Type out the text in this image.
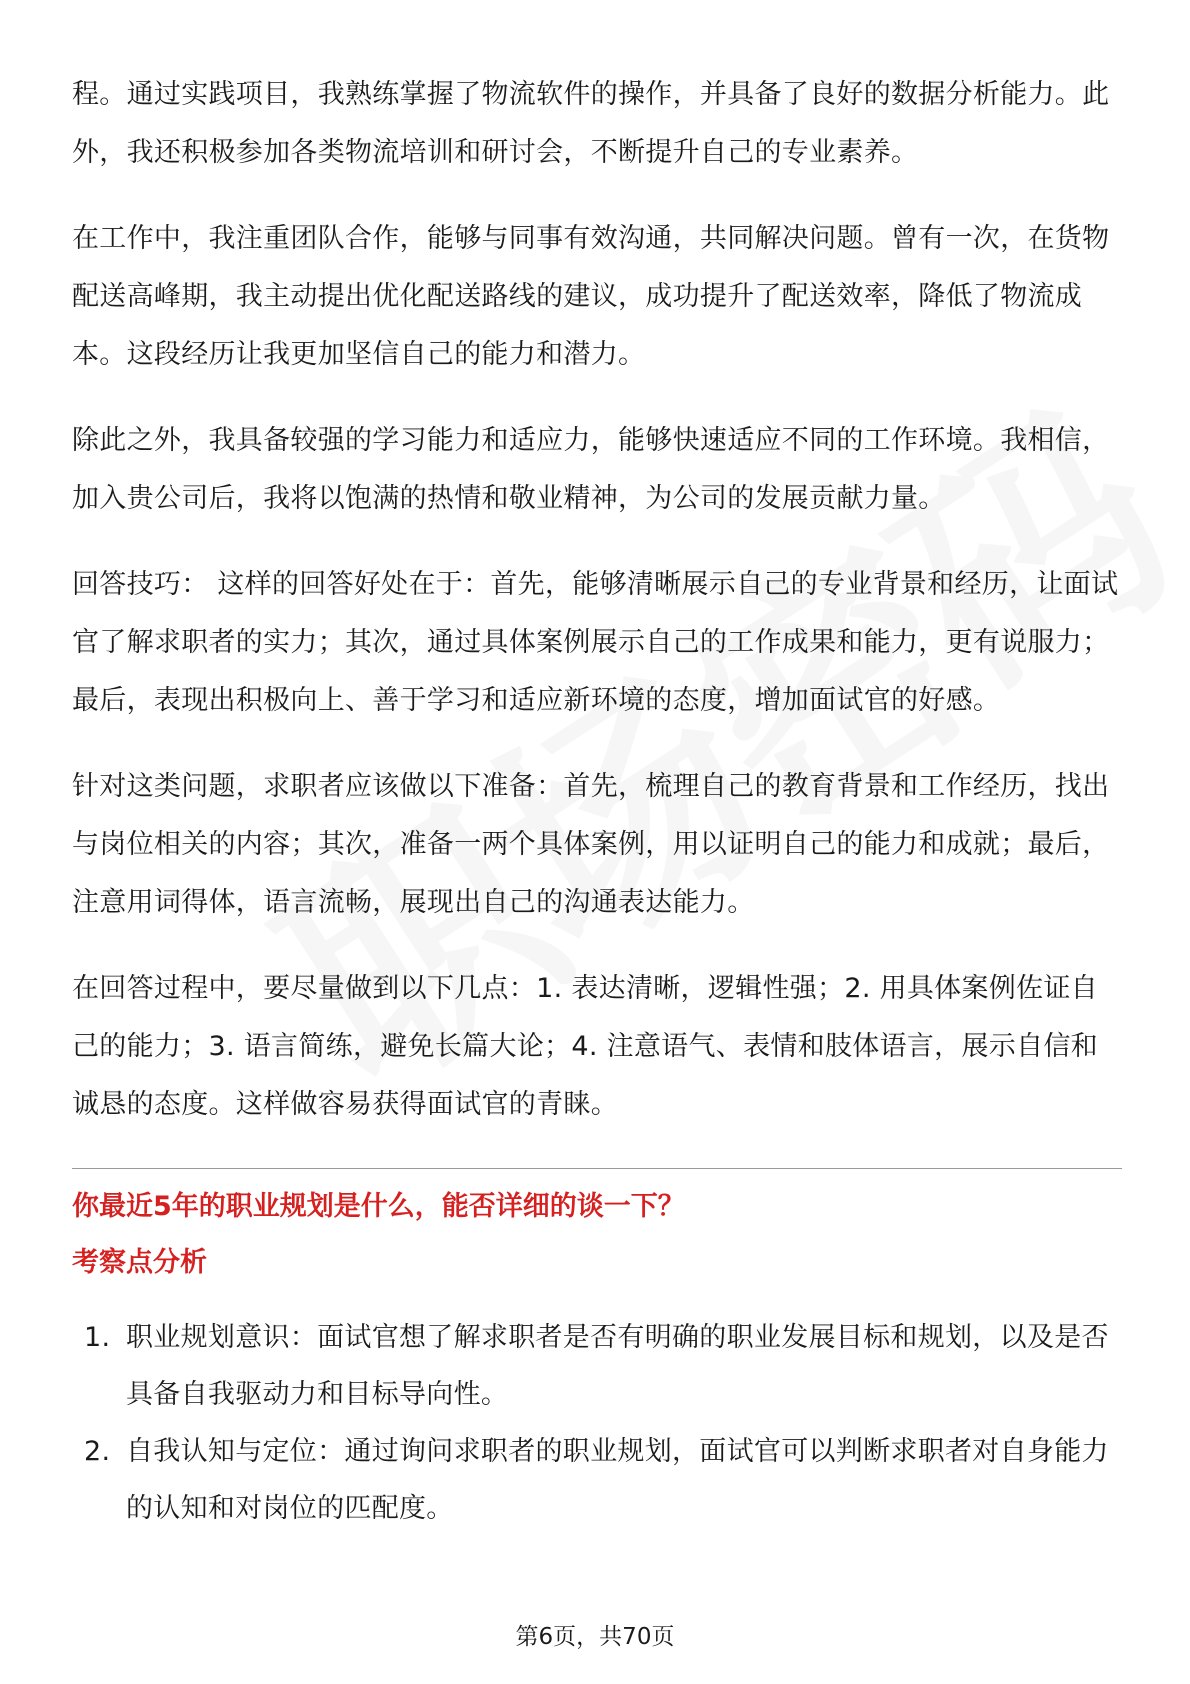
程。通过实践项目，我熟练掌握了物流软件的操作，并具备了良好的数据分析能力。此外，我还积极参加各类物流培训和研讨会，不断提升自己的专业素养。

在工作中，我注重团队合作，能够与同事有效沟通，共同解决问题。曾有一次，在货物配送高峰期，我主动提出优化配送路线的建议，成功提升了配送效率，降低了物流成本。这段经历让我更加坚信自己的能力和潜力。

除此之外，我具备较强的学习能力和适应力，能够快速适应不同的工作环境。我相信，加入贵公司后，我将以饱满的热情和敬业精神，为公司的发展贡献力量。

回答技巧： 这样的回答好处在于：首先，能够清晰展示自己的专业背景和经历，让面试官了解求职者的实力；其次，通过具体案例展示自己的工作成果和能力，更有说服力；最后，表现出积极向上、善于学习和适应新环境的态度，增加面试官的好感。

针对这类问题，求职者应该做以下准备：首先，梳理自己的教育背景和工作经历，找出与岗位相关的内容；其次，准备一两个具体案例，用以证明自己的能力和成就；最后，注意用词得体，语言流畅，展现出自己的沟通表达能力。

在回答过程中，要尽量做到以下几点：1. 表达清晰，逻辑性强；2. 用具体案例佐证自己的能力；3. 语言简练，避免长篇大论；4. 注意语气、表情和肢体语言，展示自信和诚恳的态度。这样做容易获得面试官的青睐。

你最近5年的职业规划是什么，能否详细的谈一下？

考察点分析

1. 职业规划意识：面试官想了解求职者是否有明确的职业发展目标和规划，以及是否具备自我驱动力和目标导向性。
2. 自我认知与定位：通过询问求职者的职业规划，面试官可以判断求职者对自身能力的认知和对岗位的匹配度。
第6页，共70页
